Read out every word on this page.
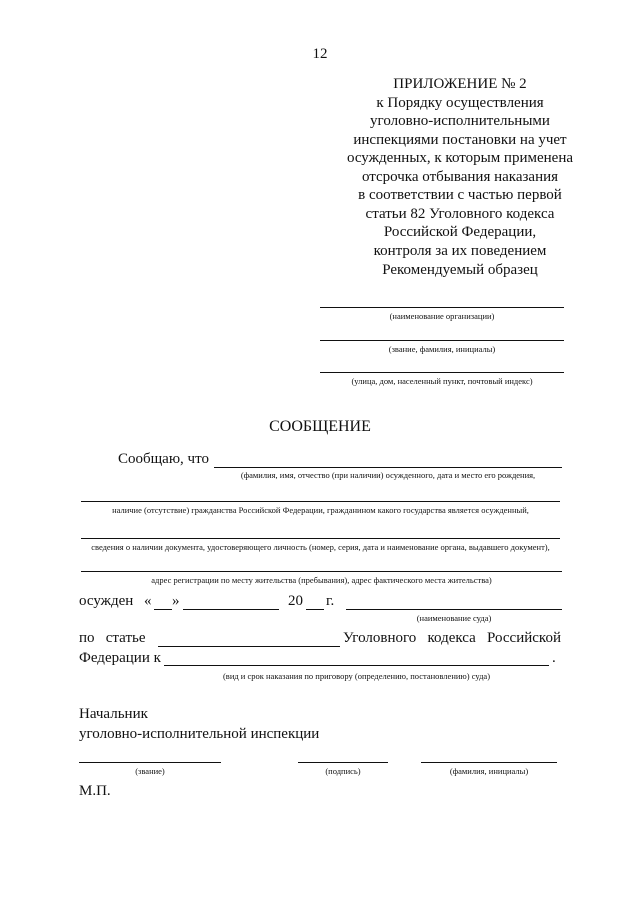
12
ПРИЛОЖЕНИЕ № 2
к Порядку осуществления
уголовно-исполнительными
инспекциями постановки на учет
осужденных, к которым применена
отсрочка отбывания наказания
в соответствии с частью первой
статьи 82 Уголовного кодекса
Российской Федерации,
контроля за их поведением
Рекомендуемый образец
(наименование организации)
(звание, фамилия, инициалы)
(улица, дом, населенный пункт, почтовый индекс)
СООБЩЕНИЕ
Сообщаю, что
(фамилия, имя, отчество (при наличии) осужденного, дата и место его рождения,
наличие (отсутствие) гражданства Российской Федерации, гражданином какого государства является осужденный,
сведения о наличии документа, удостоверяющего личность (номер, серия, дата и наименование органа, выдавшего документ),
адрес регистрации по месту жительства (пребывания), адрес фактического места жительства)
осужден « »	20 г.
(наименование суда)
по   статье	Уголовного   кодекса   Российской
Федерации к	.
(вид и срок наказания по приговору (определению, постановлению) суда)
Начальник
уголовно-исполнительной инспекции
(звание)	(подпись)	(фамилия, инициалы)
М.П.
